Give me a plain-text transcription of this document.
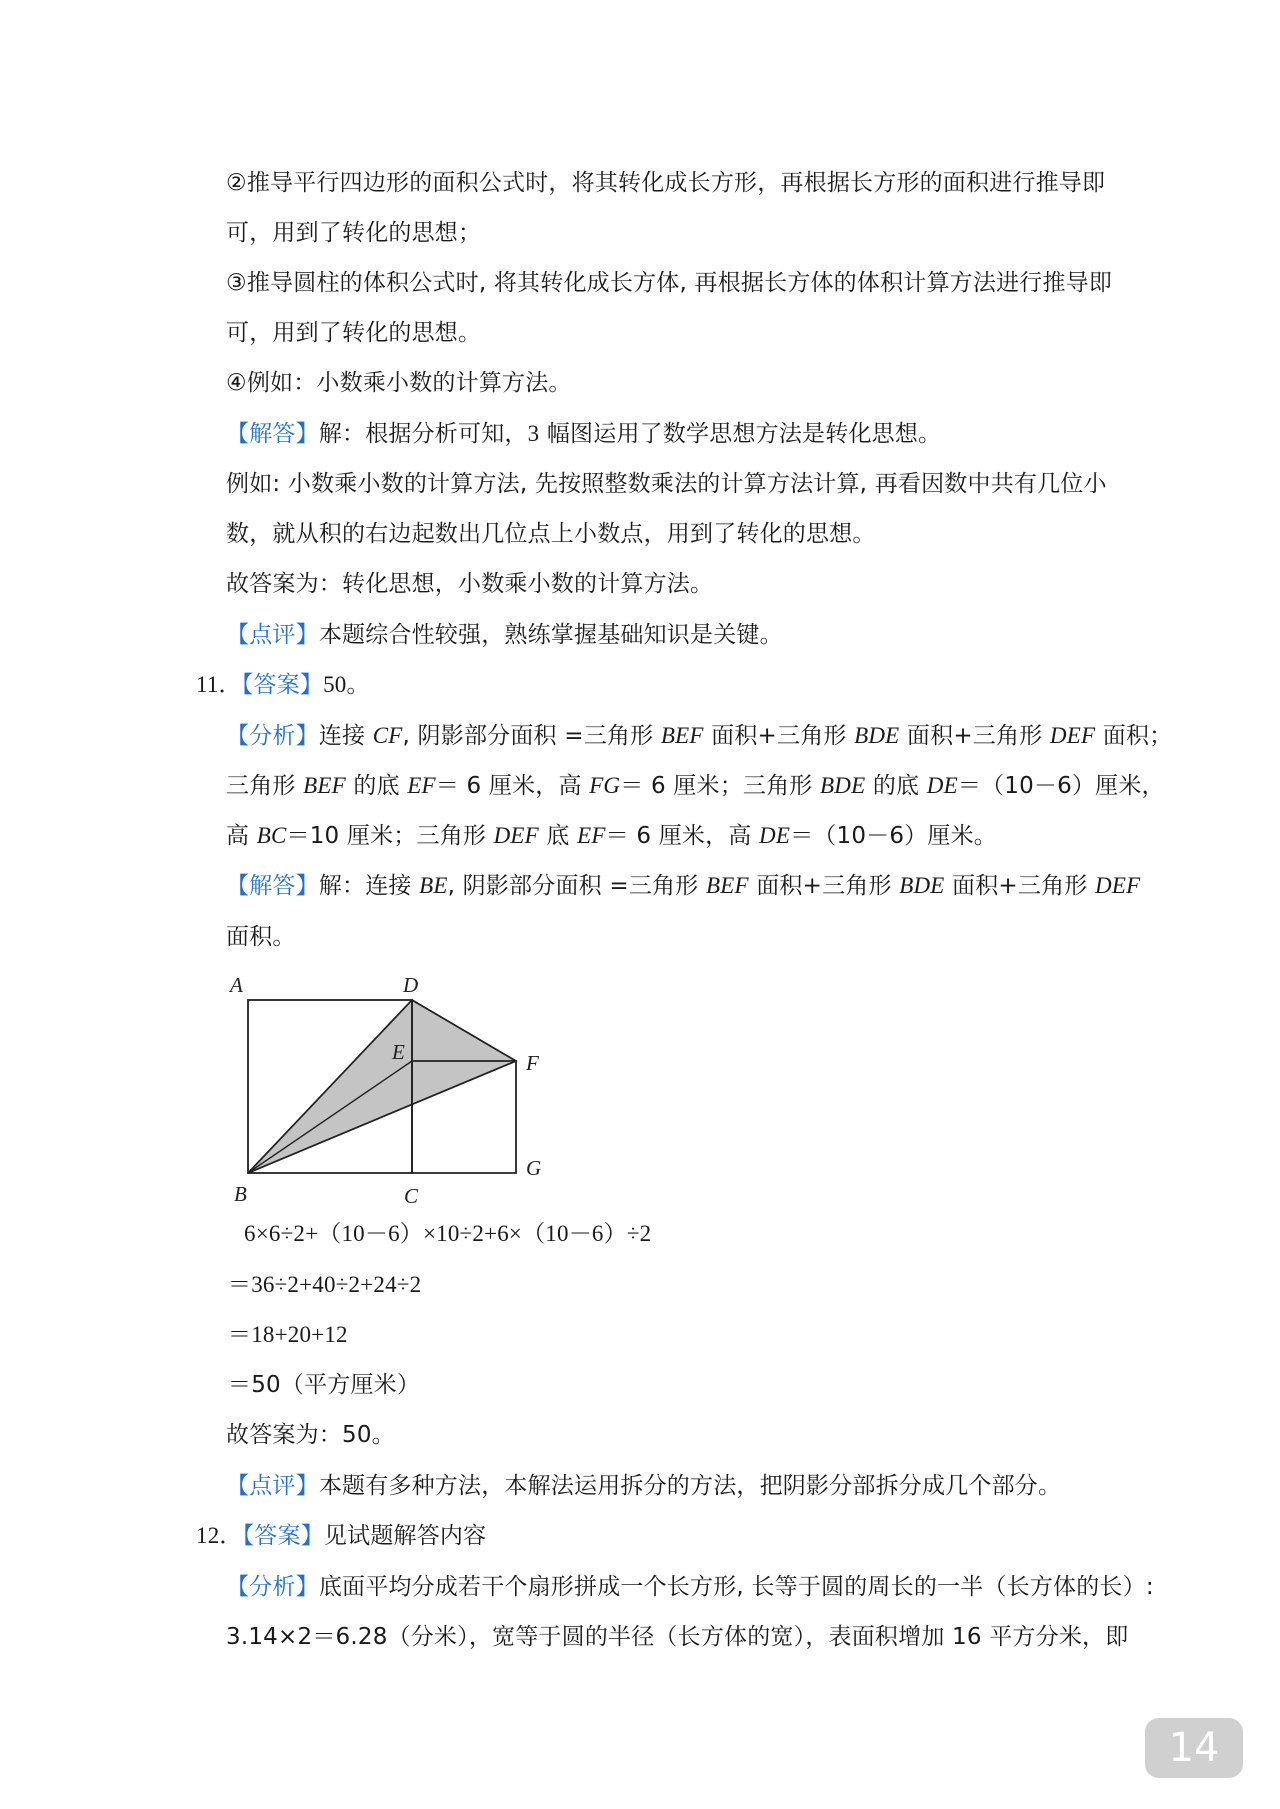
②推导平行四边形的面积公式时，将其转化成长方形，再根据长方形的面积进行推导即
可，用到了转化的思想；
③推导圆柱的体积公式时, 将其转化成长方体, 再根据长方体的体积计算方法进行推导即
可，用到了转化的思想。
④例如：小数乘小数的计算方法。
【解答】解：根据分析可知，3 幅图运用了数学思想方法是转化思想。
例如: 小数乘小数的计算方法, 先按照整数乘法的计算方法计算, 再看因数中共有几位小
数，就从积的右边起数出几位点上小数点，用到了转化的思想。
故答案为：转化思想，小数乘小数的计算方法。
【点评】本题综合性较强，熟练掌握基础知识是关键。
11．【答案】50。
【分析】连接 CF, 阴影部分面积 =三角形 BEF 面积+三角形 BDE 面积+三角形 DEF 面积；
三角形 BEF 的底 EF＝ 6 厘米，高 FG＝ 6 厘米；三角形 BDE 的底 DE＝（10－6）厘米，
高 BC＝10 厘米；三角形 DEF 底 EF＝ 6 厘米，高 DE＝（10－6）厘米。
【解答】解：连接 BE, 阴影部分面积 =三角形 BEF 面积+三角形 BDE 面积+三角形 DEF
面积。
A	D
E	F
B	C
G
6×6÷2+（10－6）×10÷2+6×（10－6）÷2
＝36÷2+40÷2+24÷2
＝18+20+12
＝50（平方厘米）
故答案为：50。
【点评】本题有多种方法，本解法运用拆分的方法，把阴影分部拆分成几个部分。
12．【答案】见试题解答内容
【分析】底面平均分成若干个扇形拼成一个长方形, 长等于圆的周长的一半（长方体的长）:
3.14×2＝6.28（分米），宽等于圆的半径（长方体的宽），表面积增加 16 平方分米，即
14
